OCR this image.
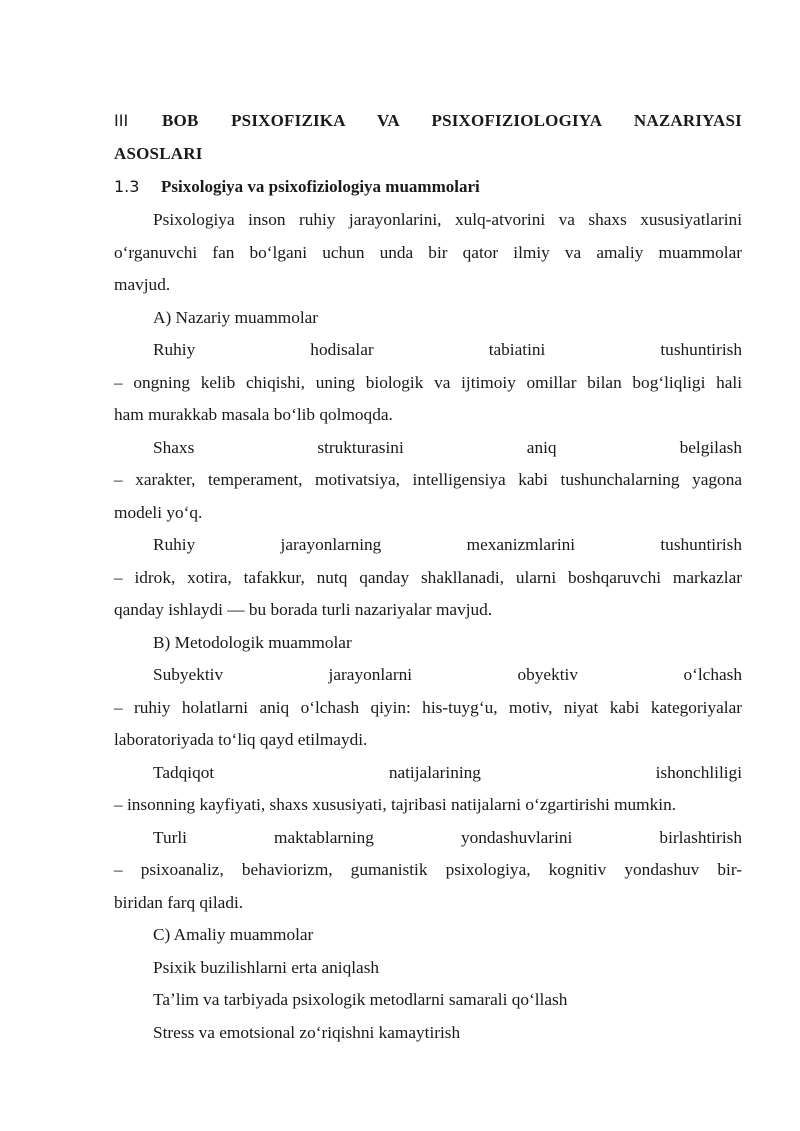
III BOB PSIXOFIZIKA VA PSIXOFIZIOLOGIYA NAZARIYASI
ASOSLARI
1.3 Psixologiya va psixofiziologiya muammolari
Psixologiya inson ruhiy jarayonlarini, xulq-atvorini va shaxs xususiyatlarini
oʻrganuvchi fan boʻlgani uchun unda bir qator ilmiy va amaliy muammolar
mavjud.
A) Nazariy muammolar
Ruhiy hodisalar tabiatini tushuntirish
– ongning kelib chiqishi, uning biologik va ijtimoiy omillar bilan bogʻliqligi hali
ham murakkab masala boʻlib qolmoqda.
Shaxs strukturasini aniq belgilash
– xarakter, temperament, motivatsiya, intelligensiya kabi tushunchalarning yagona
modeli yoʻq.
Ruhiy jarayonlarning mexanizmlarini tushuntirish
– idrok, xotira, tafakkur, nutq qanday shakllanadi, ularni boshqaruvchi markazlar
qanday ishlaydi — bu borada turli nazariyalar mavjud.
B) Metodologik muammolar
Subyektiv jarayonlarni obyektiv oʻlchash
– ruhiy holatlarni aniq oʻlchash qiyin: his-tuygʻu, motiv, niyat kabi kategoriyalar
laboratoriyada toʻliq qayd etilmaydi.
Tadqiqot natijalarining ishonchliligi
– insonning kayfiyati, shaxs xususiyati, tajribasi natijalarni oʻzgartirishi mumkin.
Turli maktablarning yondashuvlarini birlashtirish
– psixoanaliz, behaviorizm, gumanistik psixologiya, kognitiv yondashuv bir-
biridan farq qiladi.
C) Amaliy muammolar
Psixik buzilishlarni erta aniqlash
Taʼlim va tarbiyada psixologik metodlarni samarali qoʻllash
Stress va emotsional zoʻriqishni kamaytirish
